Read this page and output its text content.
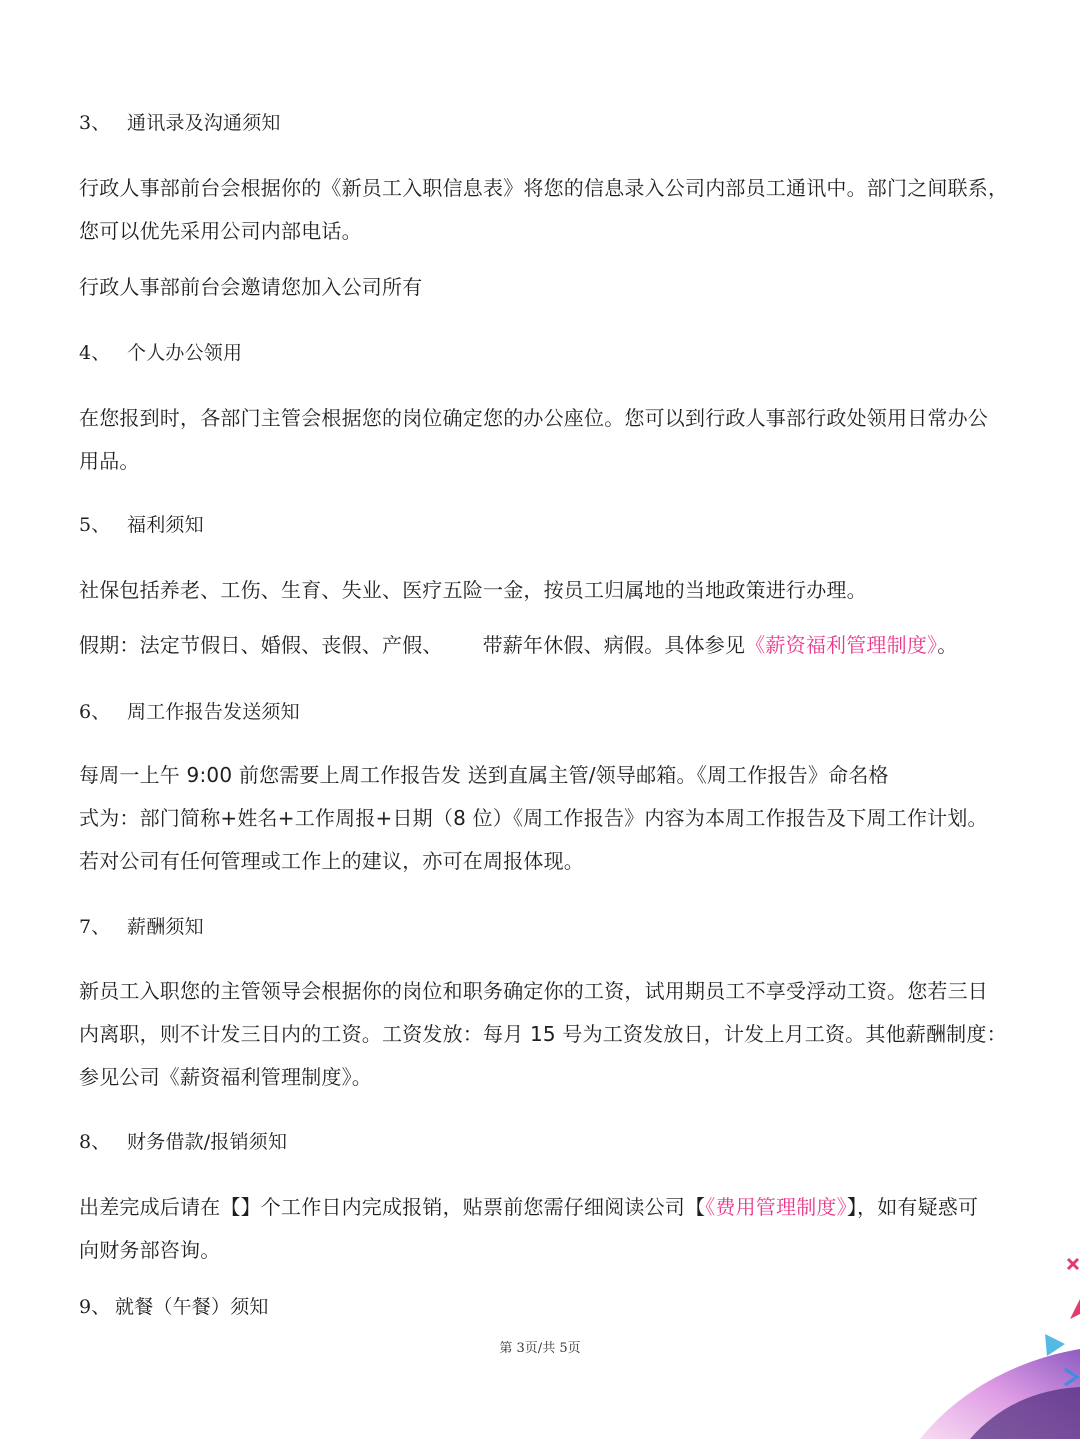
3、 通讯录及沟通须知
行政人事部前台会根据你的《新员工入职信息表》将您的信息录入公司内部员工通讯中。部门之间联系，
您可以优先采用公司内部电话。
行政人事部前台会邀请您加入公司所有
4、 个人办公领用
在您报到时，各部门主管会根据您的岗位确定您的办公座位。您可以到行政人事部行政处领用日常办公
用品。
5、 福利须知
社保包括养老、工伤、生育、失业、医疗五险一金，按员工归属地的当地政策进行办理。
假期：法定节假日、婚假、丧假、产假、 带薪年休假、病假。具体参见《薪资福利管理制度》。
6、 周工作报告发送须知
每周一上午 9:00 前您需要上周工作报告发 送到直属主管/领导邮箱。《周工作报告》命名格
式为：部门简称+姓名+工作周报+日期（8 位）《周工作报告》内容为本周工作报告及下周工作计划。
若对公司有任何管理或工作上的建议，亦可在周报体现。
7、 薪酬须知
新员工入职您的主管领导会根据你的岗位和职务确定你的工资，试用期员工不享受浮动工资。您若三日
内离职，则不计发三日内的工资。工资发放：每月 15 号为工资发放日，计发上月工资。其他薪酬制度：
参见公司《薪资福利管理制度》。
8、 财务借款/报销须知
出差完成后请在【】个工作日内完成报销，贴票前您需仔细阅读公司【《费用管理制度》】，如有疑惑可
向财务部咨询。
9、 就餐（午餐）须知
第 3页/共 5页
